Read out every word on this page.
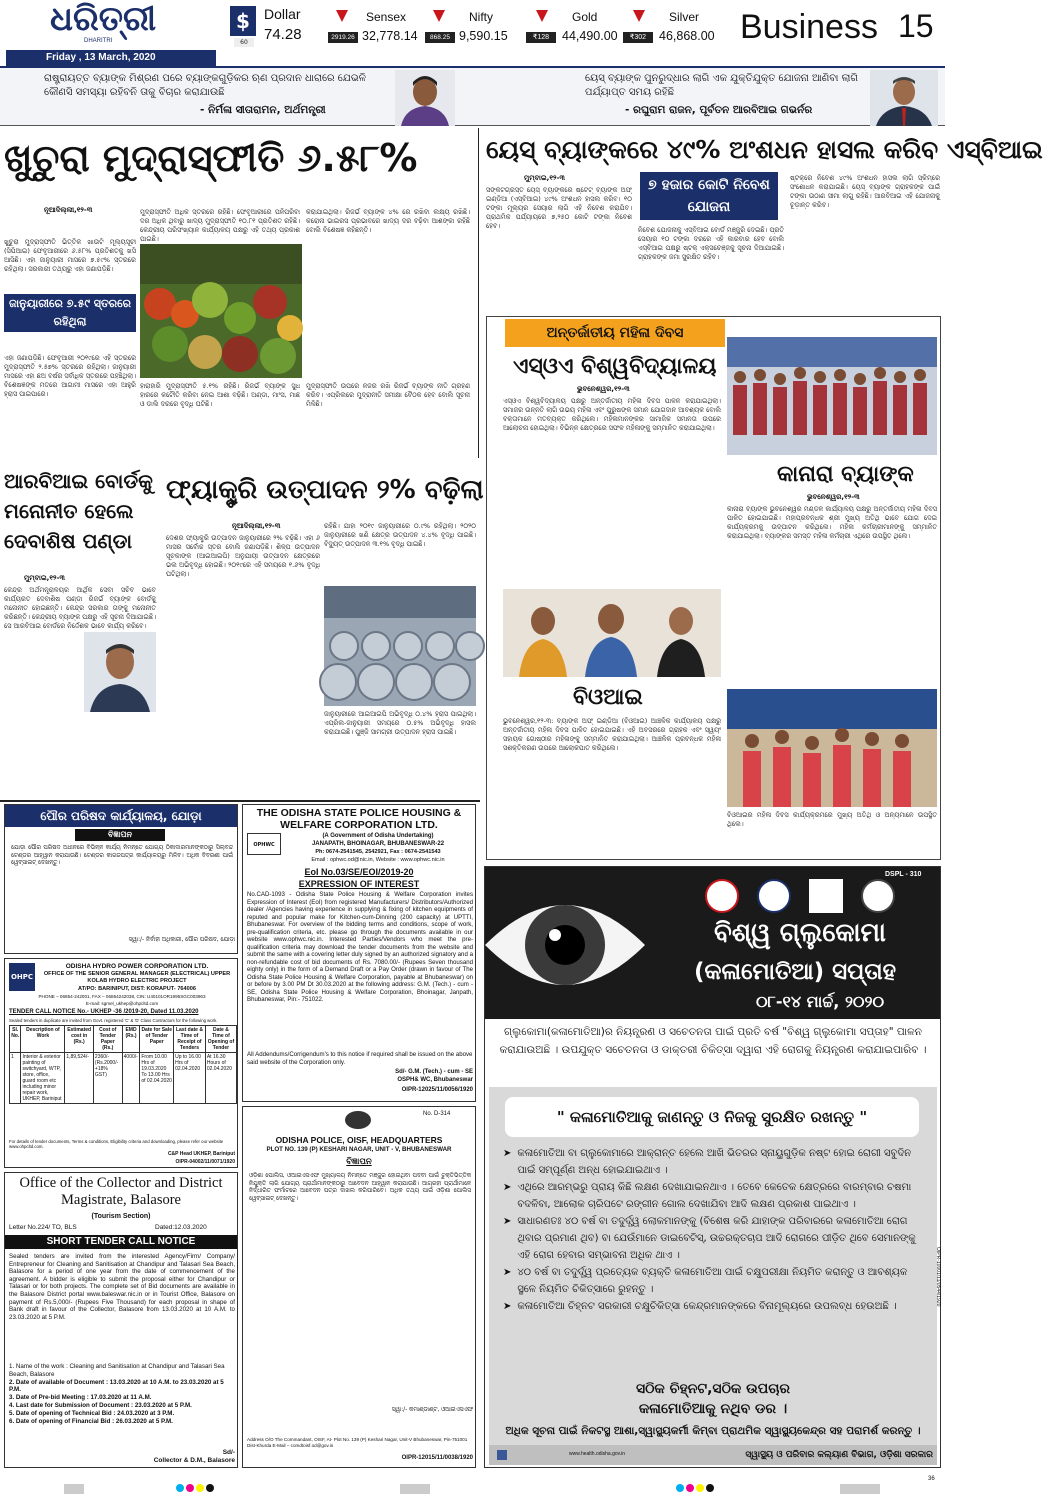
ଧରିତ୍ରୀ
DHARITRI
Friday , 13 March, 2020
$
60
Dollar
74.28
Sensex
2919.26 32,778.14
Nifty
868.25 9,590.15
Gold
₹128	44,490.00
Silver
₹302	46,868.00 Business 15
ରାଷ୍ଟ୍ରାୟତ୍ତ ବ୍ୟାଙ୍କ ମିଶ୍ରଣ ପରେ ବ୍ୟାଙ୍କଗୁଡ଼ିକର ଋଣ ପ୍ରଦାନ ଧାରାରେ ଯେଭଳି କୌଣସି ସମସ୍ୟା ରହିବନି ତାକୁ ବିଚାର କରାଯାଉଛି
- ନିର୍ମଳା ସୀତାରାମନ, ଅର୍ଥମନ୍ତ୍ରୀ
ୟେସ୍ ବ୍ୟାଙ୍କ ପୁନରୁଦ୍ଧାର ଲାଗି ଏକ ଯୁକ୍ତିଯୁକ୍ତ ଯୋଜନା ଆଣିବା ଲାଗି ପର୍ଯ୍ୟାପ୍ତ ସମୟ ରହିଛି
- ରଘୁରାମ ରାଜନ, ପୂର୍ବତନ ଆରବିଆଇ ଗଭର୍ନର
ଖୁଚୁରା ମୁଦ୍ରାସ୍ଫୀତି ୬.୫୮%
ନୂଆଦିଲ୍ଲୀ,୧୨-୩
ଖୁଚୁରା ମୁଦ୍ରାସ୍ଫୀତି ଭିତ୍ତିକ ଖାଉଟି ମୂଲ୍ୟସୂଚୀ (ସିପିଆଇ) ଫେବୃଆରୀରେ ୬.୫୮% ପ୍ରତିଶତକୁ ଖସି ଆସିଛି। ଏହା ଜାନୁୟାରୀ ମାସରେ ୭.୫୯% ସ୍ତରରେ ରହିଥିଲା। ସରକାରୀ ତଥ୍ୟରୁ ଏହା ଜଣାପଡ଼ିଛି।
ଜାନୁୟାରୀରେ ୭.୫୯ ସ୍ତରରେ ରହିଥିଲା
ମୁଦ୍ରାସ୍ଫୀତି ଅଧିକ ସ୍ତରରେ ରହିଛି। ଫେବୃଆରୀରେ ପନିପରିବା ଦର ଅଧିକ ଥିବାରୁ ଖାଦ୍ୟ ମୁଦ୍ରାସ୍ଫୀତି ୧୦.୮୧ ପ୍ରତିଶତ ରହିଛି। କେନ୍ଦ୍ରୀୟ ପରିସଂଖ୍ୟାନ କାର୍ଯ୍ୟାଳୟ ପକ୍ଷରୁ ଏହି ତଥ୍ୟ ପ୍ରକାଶ ପାଇଛି।
କରାଯାଇଥିଲା। ରିଜର୍ଭ ବ୍ୟାଙ୍କ ୪% ରେ ରଖିବା ଲକ୍ଷ୍ୟ ରଖିଛି। କରୋନା ଭାଇରସ ପ୍ରଭାବରେ ଖାଦ୍ୟ ଦର ବଢ଼ିବା ଆଶଙ୍କା ରହିଛି ବୋଲି ବିଶେଷଜ୍ଞ କହିଛନ୍ତି।
ଏହା ଜଣାପଡ଼ିଛି। ଫେବୃଆରୀ ୨୦୧୯ରେ ଏହି ସ୍ତରରେ ମୁଦ୍ରାସ୍ଫୀତି ୨.୫୭% ସ୍ତରରେ ରହିଥିଲା। ଜାନୁୟାରୀ ମାସରେ ଏହା ଛଅ ବର୍ଷର ସର୍ବାଧିକ ସ୍ତରରେ ପହଞ୍ଚିଥିଲା। ବିଶେଷଜ୍ଞଙ୍କ ମତରେ ଆଗାମୀ ମାସରେ ଏହା ଆହୁରି ହ୍ରାସ ପାଇପାରେ।
ହାରାହାରି ମୁଦ୍ରାସ୍ଫୀତି ୫.୧% ରହିଛି। ରିଜର୍ଭ ବ୍ୟାଙ୍କ ସୁଧ ହାରରେ କଟୌତି କରିବା ନେଇ ଆଶା ବଢ଼ିଛି। ଅଣ୍ଡା, ମାଂସ, ମାଛ ଓ ଡାଲି ଦରରେ ବୃଦ୍ଧି ଘଟିଛି।
ମୁଦ୍ରାସ୍ଫୀତି ଉପରେ ନଜର ରଖି ରିଜର୍ଭ ବ୍ୟାଙ୍କ ନୀତି ଗ୍ରହଣ କରିବ। ଏପ୍ରିଲରେ ମୁଦ୍ରାନୀତି ସମୀକ୍ଷା ବୈଠକ ହେବ ବୋଲି ସୂଚନା ମିଳିଛି।
ୟେସ୍ ବ୍ୟାଙ୍କରେ ୪୯% ଅଂଶଧନ ହାସଲ କରିବ ଏସ୍‌ବିଆଇ
ମୁମ୍ବାଇ,୧୨-୩
ସଙ୍କଟଗ୍ରସ୍ତ ୟେସ୍ ବ୍ୟାଙ୍କରେ ଷ୍ଟେଟ୍ ବ୍ୟାଙ୍କ ଅଫ୍ ଇଣ୍ଡିଆ (ଏସ୍‌ବିଆଇ) ୪୯% ଅଂଶଧନ ହାସଲ କରିବ। ୧୦ ଟଙ୍କା ମୂଲ୍ୟର ସେୟାର ଲାଗି ଏହି ନିବେଶ କରାଯିବ। ପ୍ରାଥମିକ ପର୍ଯ୍ୟାୟରେ ୭,୨୫୦ କୋଟି ଟଙ୍କା ନିବେଶ ହେବ।
୭ ହଜାର କୋଟି ନିବେଶ ଯୋଜନା
ନିବେଶ ଯୋଜନାକୁ ଏସ୍‌ବିଆଇ ବୋର୍ଡ ମଞ୍ଜୁରି ଦେଇଛି। ପ୍ରତି ସେୟାର ୧୦ ଟଙ୍କା ଦରରେ ଏହି କାରବାର ହେବ ବୋଲି ଏସ୍‌ବିଆଇ ପକ୍ଷରୁ ଷ୍ଟକ୍ ଏକ୍ସଚେଞ୍ଜକୁ ସୂଚନା ଦିଆଯାଇଛି। ଗ୍ରାହକଙ୍କ ଜମା ସୁରକ୍ଷିତ ରହିବ।
ଷ୍ଟକ୍‌ରେ ନିବେଶ ୪୯% ଅଂଶଧନ ହାସଲ ଲାଗି ସ୍କିମ୍‌ରେ ସଂଶୋଧନ କରାଯାଇଛି। ୟେସ୍ ବ୍ୟାଙ୍କ ଗ୍ରାହକଙ୍କ ପାଇଁ ଟଙ୍କା ଉଠାଣ ସୀମା ଲାଗୁ ରହିଛି। ଆରବିଆଇ ଏହି ଯୋଜନାକୁ ଚୂଡ଼ାନ୍ତ କରିବ।
ଅନ୍ତର୍ଜାତୀୟ ମହିଳା ଦିବସ
ଏସ୍‌ଓଏ ବିଶ୍ୱବିଦ୍ୟାଳୟ
ଭୁବନେଶ୍ୱର,୧୨-୩
ଏସ୍‌ଓଏ ବିଶ୍ୱବିଦ୍ୟାଳୟ ପକ୍ଷରୁ ଅନ୍ତର୍ଜାତୀୟ ମହିଳା ଦିବସ ପାଳନ କରାଯାଇଥିଲା। ସମାଜର ଉନ୍ନତି ଲାଗି ଉଭୟ ମହିଳା ଏବଂ ପୁରୁଷଙ୍କ ସମାନ ଯୋଗଦାନ ଆବଶ୍ୟକ ବୋଲି ବକ୍ତାମାନେ ମତବ୍ୟକ୍ତ କରିଥିଲେ। ମହିଳାମାନଙ୍କର ସାମାଜିକ ସମାନତା ଉପରେ ଆଲୋଚନା ହୋଇଥିଲା। ବିଭିନ୍ନ କ୍ଷେତ୍ରରେ ସଫଳ ମହିଳାଙ୍କୁ ସମ୍ମାନିତ କରାଯାଇଥିଲା।
କାନାରା ବ୍ୟାଙ୍କ
ଭୁବନେଶ୍ୱର,୧୨-୩
କାନାରା ବ୍ୟାଙ୍କ ଭୁବନେଶ୍ୱର ମଣ୍ଡଳ କାର୍ଯ୍ୟାଳୟ ପକ୍ଷରୁ ଅନ୍ତର୍ଜାତୀୟ ମହିଳା ଦିବସ ପାଳିତ ହୋଇଯାଇଛି। ମହାପ୍ରବନ୍ଧକ ଶ୍ରୀ ମୁଖ୍ୟ ଅତିଥି ଭାବେ ଯୋଗ ଦେଇ କାର୍ଯ୍ୟକ୍ରମକୁ ଉଦ୍‌ଘାଟନ କରିଥିଲେ। ମହିଳା କର୍ମଚାରୀମାନଙ୍କୁ ସମ୍ମାନିତ କରାଯାଇଥିଲା। ବ୍ୟାଙ୍କର ସମସ୍ତ ମହିଳା କର୍ମଚାରୀ ଏଥିରେ ଉପସ୍ଥିତ ଥିଲେ।
ବିଓଆଇ
ଭୁବନେଶ୍ୱର,୧୨-୩: ବ୍ୟାଙ୍କ ଅଫ୍ ଇଣ୍ଡିଆ (ବିଓଆଇ) ଆଞ୍ଚଳିକ କାର୍ଯ୍ୟାଳୟ ପକ୍ଷରୁ ଅନ୍ତର୍ଜାତୀୟ ମହିଳା ଦିବସ ପାଳିତ ହୋଇଯାଇଛି। ଏହି ଅବସରରେ ଗ୍ରାହକ ଏବଂ ସ୍ୱୟଂ ସହାୟକ ଗୋଷ୍ଠୀର ମହିଳାଙ୍କୁ ସମ୍ମାନିତ କରାଯାଇଥିଲା। ଆଞ୍ଚଳିକ ପ୍ରବନ୍ଧକ ମହିଳା ସଶକ୍ତିକରଣ ଉପରେ ଆଲୋକପାତ କରିଥିଲେ।
ବିଓଆଇର ମହିଳା ଦିବସ କାର୍ଯ୍ୟକ୍ରମରେ ମୁଖ୍ୟ ଅତିଥି ଓ ଅନ୍ୟମାନେ ଉପସ୍ଥିତ ଥିଲେ।
ଆରବିଆଇ ବୋର୍ଡକୁ ମନୋନୀତ ହେଲେ ଦେବାଶିଷ ପଣ୍ଡା
ମୁମ୍ବାଇ,୧୨-୩
କେନ୍ଦ୍ର ଅର୍ଥମନ୍ତ୍ରାଳୟର ଆର୍ଥିକ ସେବା ସଚିବ ଭାବେ କାର୍ଯ୍ୟରତ ଦେବାଶିଷ ପଣ୍ଡା ରିଜର୍ଭ ବ୍ୟାଙ୍କ ବୋର୍ଡକୁ ମନୋନୀତ ହୋଇଛନ୍ତି। କେନ୍ଦ୍ର ସରକାର ତାଙ୍କୁ ମନୋନୀତ କରିଛନ୍ତି। କେନ୍ଦ୍ରୀୟ ବ୍ୟାଙ୍କ ପକ୍ଷରୁ ଏହି ସୂଚନା ଦିଆଯାଇଛି। ସେ ଆରବିଆଇ ବୋର୍ଡରେ ନିର୍ଦ୍ଦେଶକ ଭାବେ କାର୍ଯ୍ୟ କରିବେ।
ଫ୍ୟାକ୍ଟ୍ରି ଉତ୍ପାଦନ ୨% ବଢ଼ିଲା
ନୂଆଦିଲ୍ଲୀ,୧୨-୩
ଦେଶର ଫ୍ୟାକ୍ଟ୍ରି ଉତ୍ପାଦନ ଜାନୁୟାରୀରେ ୨% ବଢ଼ିଛି। ଏହା ୬ ମାସର ସର୍ବୋଚ୍ଚ ସ୍ତର ବୋଲି ଜଣାପଡ଼ିଛି। ଶିଳ୍ପ ଉତ୍ପାଦନ ସୂଚକାଙ୍କ (ଆଇଆଇପି) ଅନୁଯାୟୀ ଉତ୍ପାଦନ କ୍ଷେତ୍ରରେ ଭଲ ଅଭିବୃଦ୍ଧି ହୋଇଛି। ୨୦୧୯ରେ ଏହି ସମୟରେ ୧.୬% ବୃଦ୍ଧି ଘଟିଥିଲା।
ରହିଛି। ଯାହା ୨୦୧୯ ଜାନୁୟାରୀରେ ୦.୯% ରହିଥିଲା। ୨୦୨୦ ଜାନୁୟାରୀରେ ଖଣି କ୍ଷେତ୍ର ଉତ୍ପାଦନ ୪.୪% ବୃଦ୍ଧି ପାଇଛି। ବିଦ୍ୟୁତ୍ ଉତ୍ପାଦନ ୩.୧% ବୃଦ୍ଧି ପାଇଛି।
ଜାନୁୟାରୀରେ ଆଇଆଇପି ଅଭିବୃଦ୍ଧି ୦.୪% ହ୍ରାସ ପାଇଥିଲା। ଏପ୍ରିଲ-ଜାନୁୟାରୀ ସମୟରେ ୦.୫% ଅଭିବୃଦ୍ଧି ହାସଲ କରାଯାଇଛି। ପୁଞ୍ଜି ସାମଗ୍ରୀ ଉତ୍ପାଦନ ହ୍ରାସ ପାଇଛି।
ପୌର ପରିଷଦ କାର୍ଯ୍ୟାଳୟ, ଯୋଡ଼ା
ବିଜ୍ଞାପନ
ଯୋଡ଼ା ପୌର ପରିଷଦ ଅଧୀନରେ ବିଭିନ୍ନ କାର୍ଯ୍ୟ ନିମନ୍ତେ ଯୋଗ୍ୟ ଠିକାଦାରମାନଙ୍କଠାରୁ ସିଲ୍‌ବନ୍ଦ ଟେଣ୍ଡର ଆହ୍ୱାନ କରାଯାଉଛି। ଟେଣ୍ଡର କାଗଜପତ୍ର କାର୍ଯ୍ୟାଳୟରୁ ମିଳିବ। ଅଧିକ ବିବରଣୀ ପାଇଁ ୱେବ୍‌ସାଇଟ୍ ଦେଖନ୍ତୁ।
ସ୍ୱା:/- ନିର୍ବାହୀ ଅଧିକାରୀ, ପୌର ପରିଷଦ, ଯୋଡ଼ା
OHPC
ODISHA HYDRO POWER CORPORATION LTD.
OFFICE OF THE SENIOR GENERAL MANAGER (ELECTRICAL) UPPER KOLAB HYDRO ELECTRIC PROJECT
AT/PO: BARINIPUT, DIST: KORAPUT- 764006
PHONE – 06854-242001, FAX – 06854242038, CIN: U40101OR1995SGC003963
E-mail: sgmel_ukhep@ohpcltd.com
TENDER CALL NOTICE No.- UKHEP -36 /2019-20, Dated 11.03.2020
Sealed tenders in duplicate are invited from Govt. registered 'C' & 'D' Class Contractors for the following work.
Sl. No.	Description of Work	Estimated cost in (Rs.)	Cost of Tender Paper (Rs.)	EMD (Rs.)	Date for Sale of Tender Paper	Last date & Time of Receipt of Tenders	Date & Time of Opening of Tender
1	Interior & exterior painting of switchyard, WTP, store, office, guard room etc including minor repair work, UKHEP, Bariniput	1,89,524/-	2360/- (Rs.2000/- +18% GST)	4000/-	From 10.00 Hrs of 19.03.2020 To 13.00 Hrs of 02.04.2020	Up to 16.00 Hrs of 02.04.2020	At 16.30 Hours of 02.04.2020
For details of tender documents, Terms & conditions, Eligibility criteria and downloading, please refer our website www.ohpcltd.com.
C&P Head UKHEP, Bariniput
OIPR-04002/11/0071/1920
Office of the Collector and District Magistrate, Balasore
(Tourism Section)
Letter No.224/ TO, BLS	Dated:12.03.2020
SHORT TENDER CALL NOTICE
Sealed tenders are invited from the interested Agency/Firm/ Company/ Entrepreneur for Cleaning and Sanitisation at Chandipur and Talasari Sea Beach, Balasore for a period of one year from the date of commencement of the agreement. A bidder is eligible to submit the proposal either for Chandipur or Talasari or for both projects. The complete set of Bid documents are available in the Balasore District portal www.baleswar.nic.in or in Tourist Office, Balasore on payment of Rs.5,000/- (Rupees Five Thousand) for each proposal in shape of Bank draft in favour of the Collector, Balasore from 13.03.2020 at 10 A.M. to 23.03.2020 at 5 P.M.
1. Name of the work : Cleaning and Sanitisation at Chandipur and Talasari Sea Beach, Balasore
2. Date of available of Document : 13.03.2020 at 10 A.M. to 23.03.2020 at 5 P.M.
3. Date of Pre-bid Meeting : 17.03.2020 at 11 A.M.
4. Last date for Submission of Document : 23.03.2020 at 5 P.M.
5. Date of opening of Technical Bid : 24.03.2020 at 3 P.M.
6. Date of opening of Financial Bid : 26.03.2020 at 5 P.M.
Sd/-
Collector & D.M., Balasore
THE ODISHA STATE POLICE HOUSING & WELFARE CORPORATION LTD.
OPHWC
(A Government of Odisha Undertaking)
JANAPATH, BHOINAGAR, BHUBANESWAR-22
Ph: 0674-2541545, 2542921, Fax : 0674-2541543
Email : ophwc.od@nic.in, Website : www.ophwc.nic.in
EoI No.03/SE/EOI/2019-20
EXPRESSION OF INTEREST
No.CAD-1093 - Odisha State Police Housing & Welfare Corporation invites Expression of Interest (EoI) from registered Manufacturers/ Distributors/Authorized dealer /Agencies having experience in supplying & fixing of kitchen equipments of reputed and popular make for Kitchen-cum-Dinning (200 capacity) at UPTTI, Bhubaneswar. For overview of the bidding terms and conditions, scope of work, pre-qualification criteria, etc. please go through the documents available in our website www.ophwc.nic.in. Interested Parties/Vendors who meet the pre-qualification criteria may download the tender documents from the website and submit the same with a covering letter duly signed by an authorized signatory and a non-refundable cost of bid documents of Rs. 7080.00/- (Rupees Seven thousand eighty only) in the form of a Demand Draft or a Pay Order (drawn in favour of The Odisha State Police Housing & Welfare Corporation, payable at Bhubaneswar) on or before by 3.00 PM Dt 30.03.2020 at the following address: G.M. (Tech.) - cum - SE, Odisha State Police Housing & Welfare Corporation, Bhoinagar, Janpath, Bhubaneswar, Pin:- 751022.
All Addendums/Corrigendum's to this notice if required shall be issued on the above said website of the Corporation only.
Sd/- G.M. (Tech.) - cum - SE
OSPH& WC, Bhubaneswar
OIPR-12025/11/0056/1920
No. D-314
ODISHA POLICE, OISF, HEADQUARTERS
PLOT NO. 139 (P) KESHARI NAGAR, UNIT - V, BHUBANESWAR
ବିଜ୍ଞାପନ
ଓଡ଼ିଶା ପୋଲିସ, ଓଆଇଏସଏଫ ମୁଖ୍ୟାଳୟ ନିମନ୍ତେ ମଞ୍ଜୁର ହୋଇଥିବା ପଦବୀ ପାଇଁ ଚୁକ୍ତିଭିତ୍ତିକ ନିଯୁକ୍ତି ଲାଗି ଯୋଗ୍ୟ ପ୍ରାର୍ଥୀମାନଙ୍କଠାରୁ ଆବେଦନ ଆହ୍ୱାନ କରାଯାଉଛି। ଆଗ୍ରହୀ ପ୍ରାର୍ଥୀମାନେ ନିର୍ଦ୍ଧାରିତ ଫର୍ମାଟରେ ଆବେଦନ ପତ୍ର ଦାଖଲ କରିପାରିବେ। ଅଧିକ ତଥ୍ୟ ପାଇଁ ଓଡ଼ିଶା ପୋଲିସ ୱେବ୍‌ସାଇଟ୍ ଦେଖନ୍ତୁ।
ସ୍ୱା:/- କମାଣ୍ଡାଣ୍ଟ, ଓଆଇଏସଏଫ
Address O/O The Commandant, OISF, At- Plot No. 139 (P) Keshari Nagar, Unit-V Bhubaneswar, Pin-751001 Dist-Khurda E-Mail – comdtoisf.od@gov.in
OIPR-12015/11/0038/1920
DSPL - 310
ବିଶ୍ୱ ଗ୍ଲୁକୋମା
(କଳାମୋତିଆ) ସପ୍ତାହ
୦୮-୧୪ ମାର୍ଚ୍ଚ, ୨୦୨୦
ଗ୍ଲୁକୋମା(କଳାମୋତିଆ)ର ନିୟନ୍ତ୍ରଣ ଓ ସଚେତନତା ପାଇଁ ପ୍ରତି ବର୍ଷ "ବିଶ୍ୱ ଗ୍ଲୁକୋମା ସପ୍ତାହ" ପାଳନ କରାଯାଉଅଛି । ଉପଯୁକ୍ତ ସଚେତନତା ଓ ଡାକ୍ତରୀ ଚିକିତ୍ସା ଦ୍ୱାରା ଏହି ରୋଗକୁ ନିୟନ୍ତ୍ରଣ କରାଯାଇପାରିବ ।
" କଳାମୋତିଆକୁ ଜାଣନ୍ତୁ ଓ ନିଜକୁ ସୁରକ୍ଷିତ ରଖନ୍ତୁ "
➤ କଳାମୋତିଆ ବା ଗ୍ଲୁକୋମାରେ ଆକ୍ରାନ୍ତ ହେଲେ ଆଖି ଭିତରର ସ୍ନାୟୁଗୁଡ଼ିକ ନଷ୍ଟ ହୋଇ ରୋଗୀ ସବୁଦିନ ପାଇଁ ସମ୍ପୂର୍ଣ୍ଣ ଅନ୍ଧ ହୋଇଯାଇଥାଏ ।
➤ ଏଥିରେ ଆରମ୍ଭରୁ ପ୍ରାୟ କିଛି ଲକ୍ଷଣ ଦେଖାଯାଇନଥାଏ । ତେବେ କେତେକ କ୍ଷେତ୍ରରେ ବାରମ୍ବାର ଚଷମା ବଦଳିବା, ଆଲୋକ ଚାରିପଟେ ରଙ୍ଗୀନ ଗୋଲ ଦେଖାଯିବା ଆଦି ଲକ୍ଷଣ ପ୍ରକାଶ ପାଇଥାଏ ।
➤ ସାଧାରଣତଃ ୪୦ ବର୍ଷ ବା ତଦୁର୍ଦ୍ଧ୍ୱ ଲୋକମାନଙ୍କୁ (ବିଶେଷ କରି ଯାହାଙ୍କ ପରିବାରରେ କଳାମୋତିଆ ରୋଗ ଥିବାର ପ୍ରମାଣ ଥିବ) ବା ଯେଉଁମାନେ ଡାଇବେଟିସ୍, ଉଚ୍ଚରକ୍ତଚାପ ଆଦି ରୋଗରେ ପୀଡ଼ିତ ଥିବେ ସେମାନଙ୍କୁ ଏହି ରୋଗ ହେବାର ସମ୍ଭାବନା ଅଧିକ ଥାଏ ।
➤ ୪୦ ବର୍ଷ ବା ତଦୁର୍ଦ୍ଧ୍ୱ ପ୍ରତ୍ୟେକ ବ୍ୟକ୍ତି କଳାମୋତିଆ ପାଇଁ ଚକ୍ଷୁପରୀକ୍ଷା ନିୟମିତ କରାନ୍ତୁ ଓ ଆବଶ୍ୟକ ସ୍ଥଳେ ନିୟମିତ ଚିକିତ୍ସାରେ ରୁହନ୍ତୁ ।
➤ କଳାମୋତିଆ ଚିହ୍ନଟ ସରକାରୀ ଚକ୍ଷୁଚିକିତ୍ସା କେନ୍ଦ୍ରମାନଙ୍କରେ ବିନାମୂଲ୍ୟରେ ଉପଲବ୍ଧ ହେଉଅଛି ।
ସଠିକ ଚିହ୍ନଟ,ସଠିକ ଉପଚାର
କଳାମୋତିଆକୁ ନଥିବ ଡର ।
ଅଧିକ ସୂଚନା ପାଇଁ ନିକଟସ୍ଥ ଆଶା,ସ୍ୱାସ୍ଥ୍ୟକର୍ମୀ କିମ୍ବା ପ୍ରାଥମିକ ସ୍ୱାସ୍ଥ୍ୟକେନ୍ଦ୍ର ସହ ପରାମର୍ଶ କରନ୍ତୁ ।
www.health.odisha.gov.in	ସ୍ୱାସ୍ଥ୍ୟ ଓ ପରିବାର କଲ୍ୟାଣ ବିଭାଗ, ଓଡ଼ିଶା ସରକାର
OIPR-10001/11/0544/1920
36
